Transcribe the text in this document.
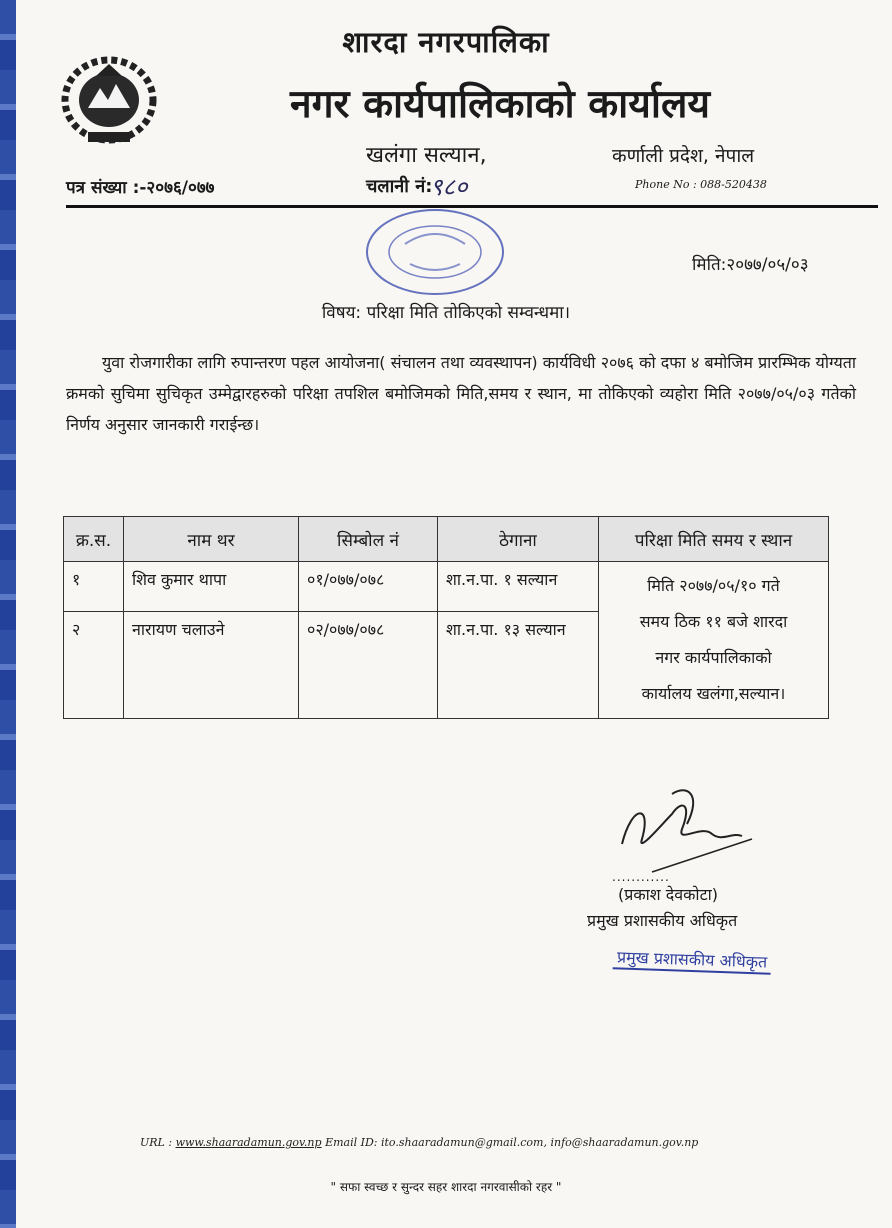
शारदा नगरपालिका
नगर कार्यपालिकाको कार्यालय
खलंगा सल्यान,	कर्णाली प्रदेश, नेपाल
पत्र संख्या :-२०७६/०७७	चलानी नं:
९८०	Phone No : 088-520438
मिति:२०७७/०५/०३
विषय: परिक्षा मिति तोकिएको सम्वन्धमा।
युवा रोजगारीका लागि रुपान्तरण पहल आयोजना( संचालन तथा व्यवस्थापन) कार्यविधी २०७६ को दफा ४ बमोजिम प्रारम्भिक योग्यता क्रमको सुचिमा सुचिकृत उम्मेद्वारहरुको परिक्षा तपशिल बमोजिमको मिति,समय र स्थान, मा तोकिएको व्यहोरा मिति २०७७/०५/०३ गतेको निर्णय अनुसार जानकारी गराईन्छ।
क्र.स.	नाम थर	सिम्बोल नं	ठेगाना	परिक्षा मिति समय र स्थान
१	शिव कुमार थापा	०१/०७७/०७८	शा.न.पा. १ सल्यान	मिति २०७७/०५/१० गते
समय ठिक ११ बजे शारदा
नगर कार्यपालिकाको
कार्यालय खलंगा,सल्यान।

२	नारायण चलाउने	०२/०७७/०७८	शा.न.पा. १३ सल्यान	
............
(प्रकाश देवकोटा)
प्रमुख प्रशासकीय अधिकृत
प्रमुख प्रशासकीय अधिकृत
URL : www.shaaradamun.gov.np Email ID: ito.shaaradamun@gmail.com, info@shaaradamun.gov.np
" सफा स्वच्छ र सुन्दर सहर शारदा नगरवासीको रहर "
